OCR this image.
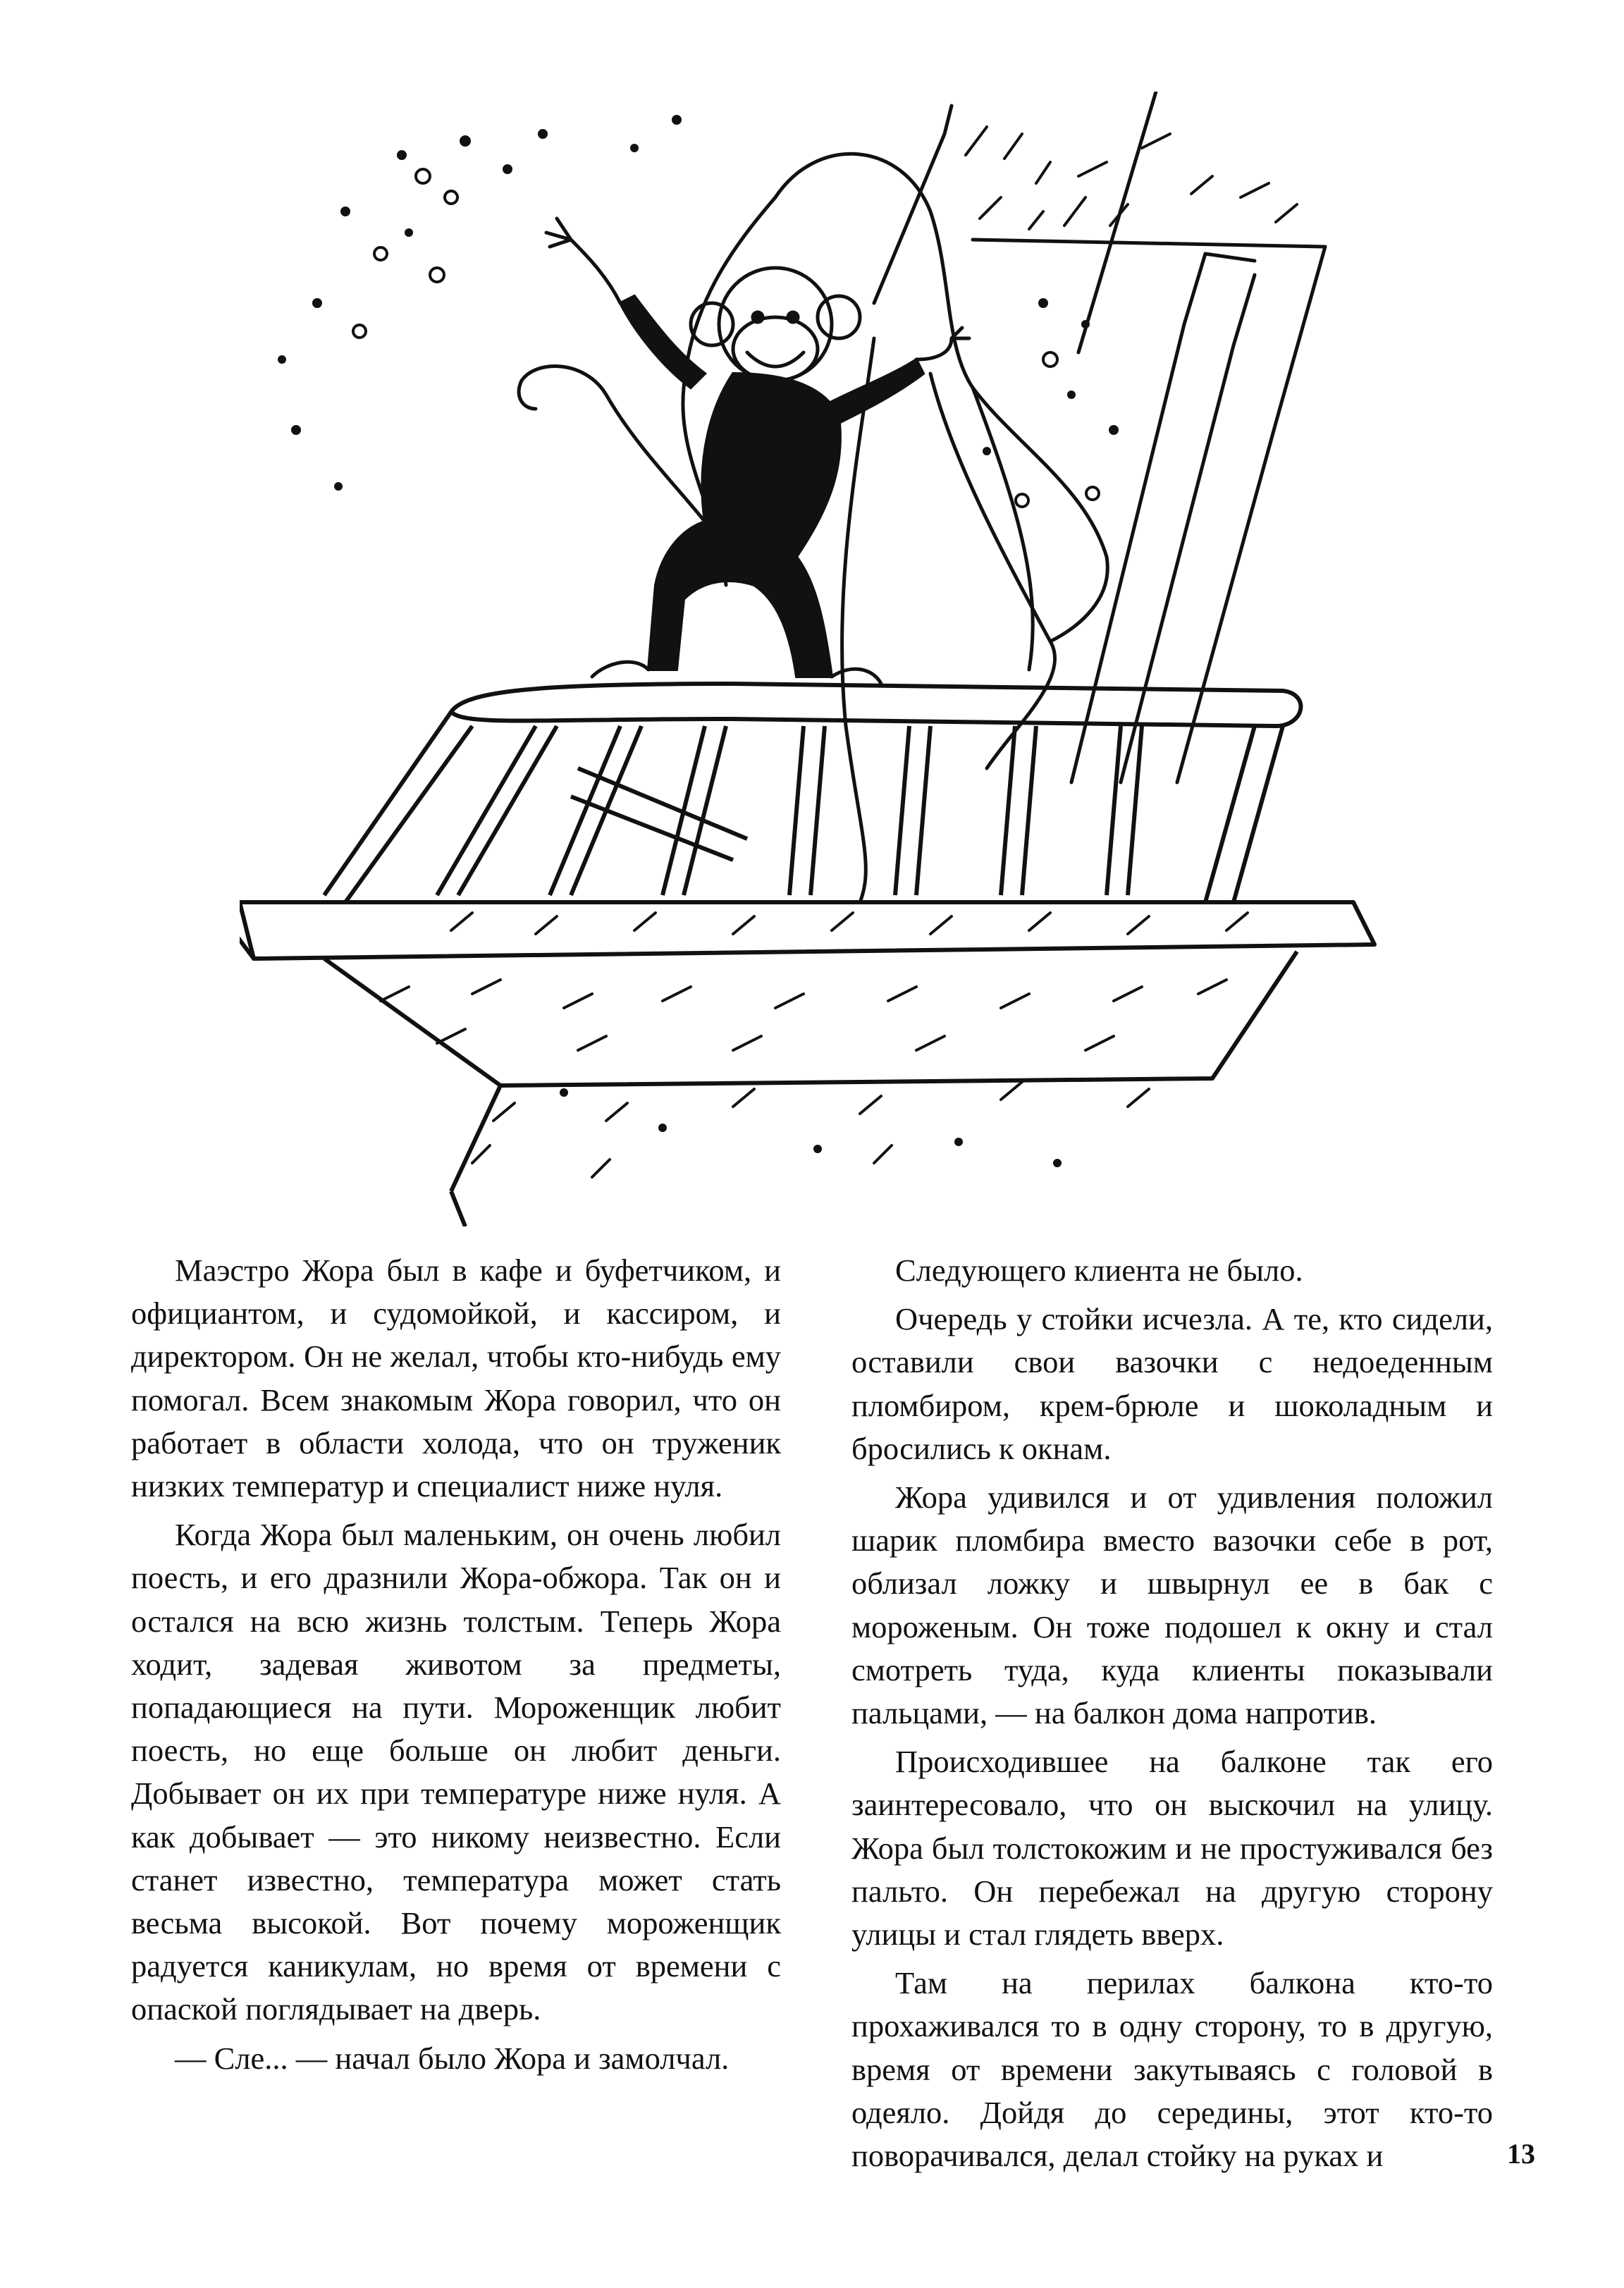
Маэстро Жора был в кафе и буфетчиком, и официантом, и судомойкой, и кассиром, и директором. Он не желал, чтобы кто-нибудь ему помогал. Всем знакомым Жора говорил, что он работает в области холода, что он труженик низких температур и специалист ниже нуля.

Когда Жора был маленьким, он очень любил поесть, и его дразнили Жора-обжора. Так он и остался на всю жизнь толстым. Теперь Жора ходит, задевая животом за предметы, попадающиеся на пути. Мороженщик любит поесть, но еще больше он любит деньги. Добывает он их при температуре ниже нуля. А как добывает — это никому неизвестно. Если станет известно, температура может стать весьма высокой. Вот почему мороженщик радуется каникулам, но время от времени с опаской поглядывает на дверь.

— Сле... — начал было Жора и замолчал.

Следующего клиента не было.

Очередь у стойки исчезла. А те, кто сидели, оставили свои вазочки с недоеденным пломбиром, крем-брюле и шоколадным и бросились к окнам.

Жора удивился и от удивления положил шарик пломбира вместо вазочки себе в рот, облизал ложку и швырнул ее в бак с мороженым. Он тоже подошел к окну и стал смотреть туда, куда клиенты показывали пальцами, — на балкон дома напротив.

Происходившее на балконе так его заинтересовало, что он выскочил на улицу. Жора был толстокожим и не простуживался без пальто. Он перебежал на другую сторону улицы и стал глядеть вверх.

Там на перилах балкона кто-то прохаживался то в одну сторону, то в другую, время от времени закутываясь с головой в одеяло. Дойдя до середины, этот кто-то поворачивался, делал стойку на руках и	13
